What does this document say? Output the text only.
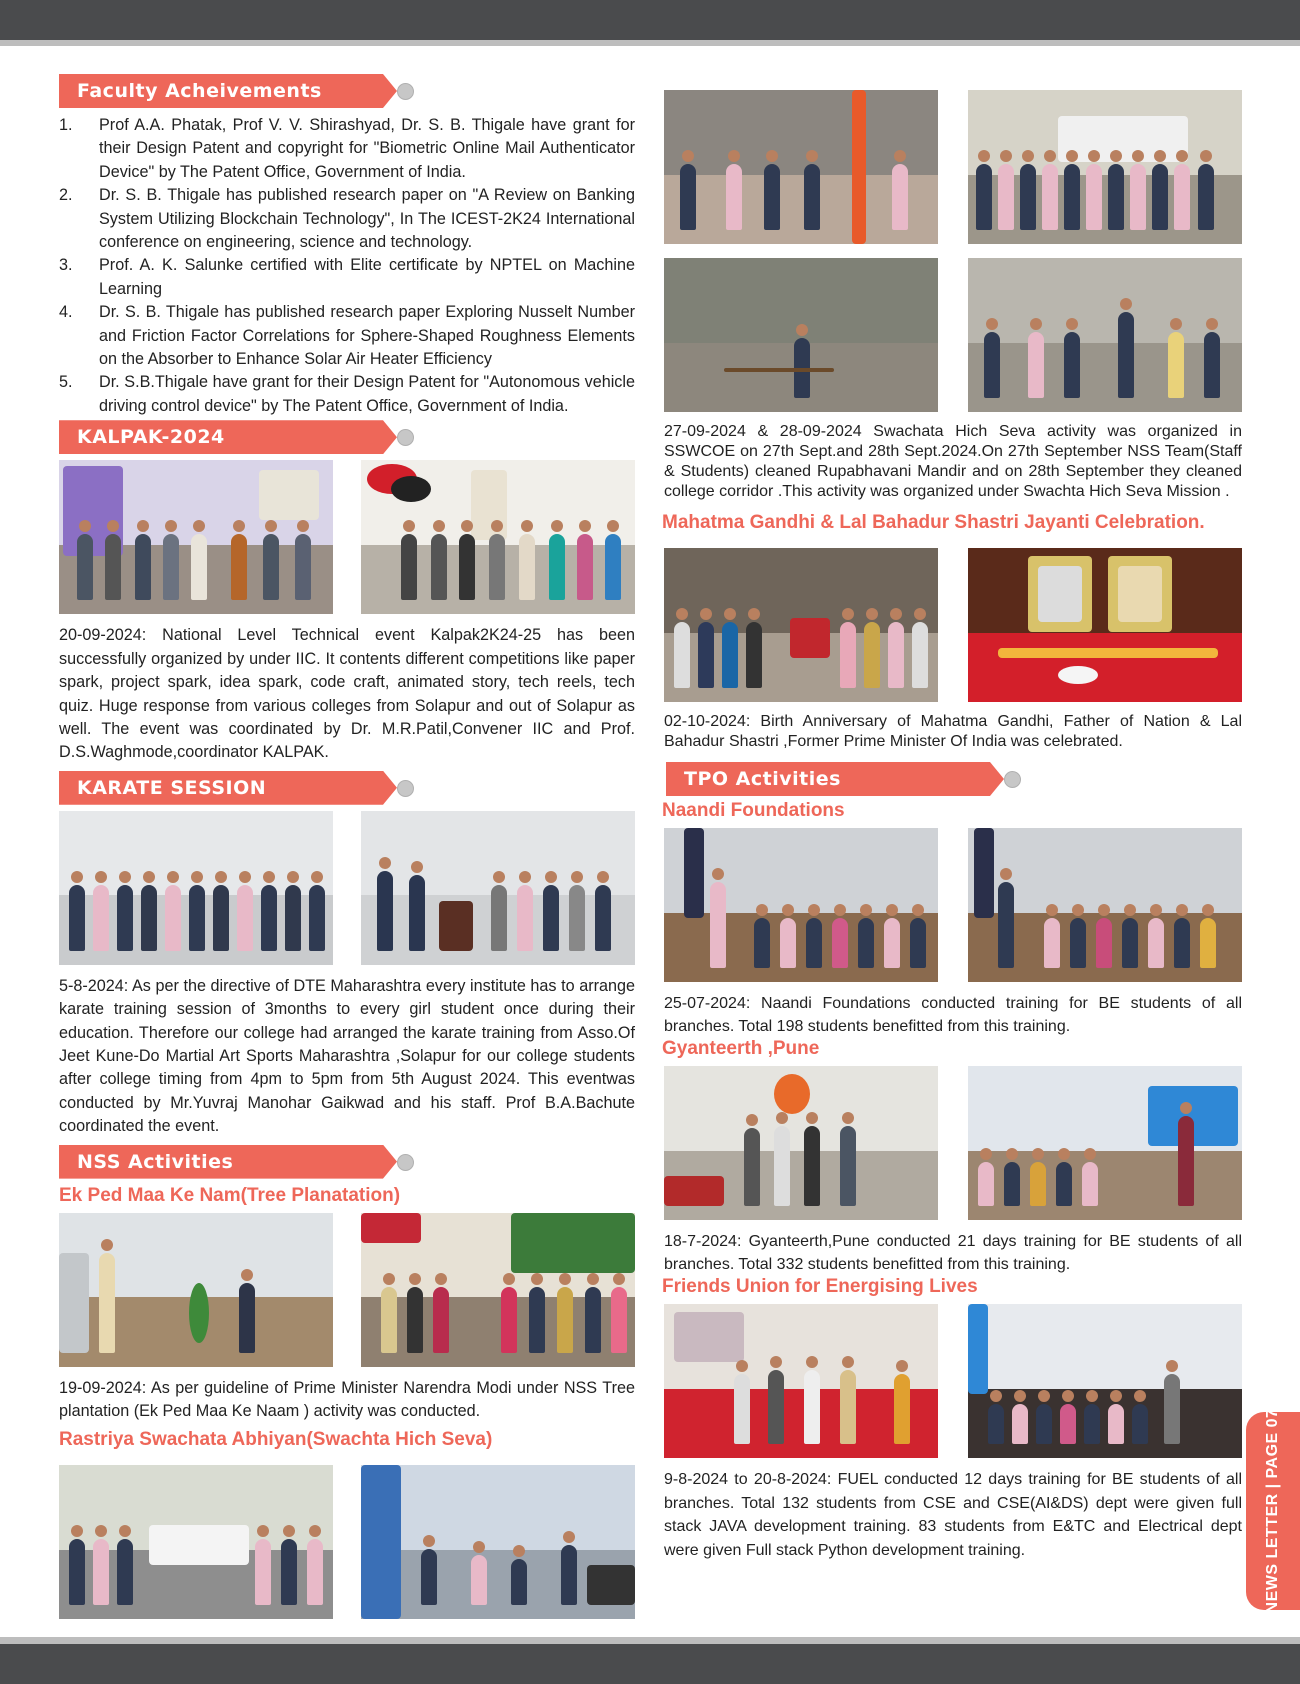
Faculty Acheivements
1. Prof A.A. Phatak, Prof V. V. Shirashyad, Dr. S. B. Thigale have grant for their Design Patent and copyright for "Biometric Online Mail Authenticator Device" by The Patent Office, Government of India.
2. Dr. S. B. Thigale has published research paper on "A Review on Banking System Utilizing Blockchain Technology", In The ICEST-2K24 International conference on engineering, science and technology.
3. Prof. A. K. Salunke certified with Elite certificate by NPTEL on Machine Learning
4. Dr. S. B. Thigale has published research paper Exploring Nusselt Number and Friction Factor Correlations for Sphere-Shaped Roughness Elements on the Absorber to Enhance Solar Air Heater Efficiency
5. Dr. S.B.Thigale have grant for their Design Patent for "Autonomous vehicle driving control device" by The Patent Office, Government of India.
KALPAK-2024

20-09-2024: National Level Technical event Kalpak2K24-25 has been successfully organized by under IIC. It contents different competitions like paper spark, project spark, idea spark, code craft, animated story, tech reels, tech quiz. Huge response from various colleges from Solapur and out of Solapur as well. The event was coordinated by Dr. M.R.Patil,Convener IIC and Prof. D.S.Waghmode,coordinator KALPAK.

KARATE SESSION

5-8-2024: As per the directive of DTE Maharashtra every institute has to arrange karate training session of 3months to every girl student once during their education. Therefore our college had arranged the karate training from Asso.Of Jeet Kune-Do Martial Art Sports Maharashtra ,Solapur for our college students after college timing from 4pm to 5pm from 5th August 2024. This eventwas conducted by Mr.Yuvraj Manohar Gaikwad and his staff. Prof B.A.Bachute coordinated the event.

NSS Activities
Ek Ped Maa Ke Nam(Tree Planatation)

19-09-2024: As per guideline of Prime Minister Narendra Modi under NSS Tree plantation (Ek Ped Maa Ke Naam ) activity was conducted.

Rastriya Swachata Abhiyan(Swachta Hich Seva)

27-09-2024 & 28-09-2024 Swachata Hich Seva activity was organized in SSWCOE on 27th Sept.and 28th Sept.2024.On 27th September NSS Team(Staff & Students) cleaned Rupabhavani Mandir and on 28th September they cleaned college corridor .This activity was organized under Swachta Hich Seva Mission .

Mahatma Gandhi & Lal Bahadur Shastri Jayanti Celebration.

02-10-2024: Birth Anniversary of Mahatma Gandhi, Father of Nation & Lal Bahadur Shastri ,Former Prime Minister Of India was celebrated.

TPO Activities
Naandi Foundations

25-07-2024: Naandi Foundations conducted training for BE students of all branches. Total 198 students benefitted from this training.

Gyanteerth ,Pune

18-7-2024: Gyanteerth,Pune conducted 21 days training for BE students of all branches. Total 332 students benefitted from this training.

Friends Union for Energising Lives

9-8-2024 to 20-8-2024: FUEL conducted 12 days training for BE students of all branches. Total 132 students from CSE and CSE(AI&DS) dept were given full stack JAVA development training. 83 students from E&TC and Electrical dept were given Full stack Python development training.	NEWS LETTER | PAGE 07
